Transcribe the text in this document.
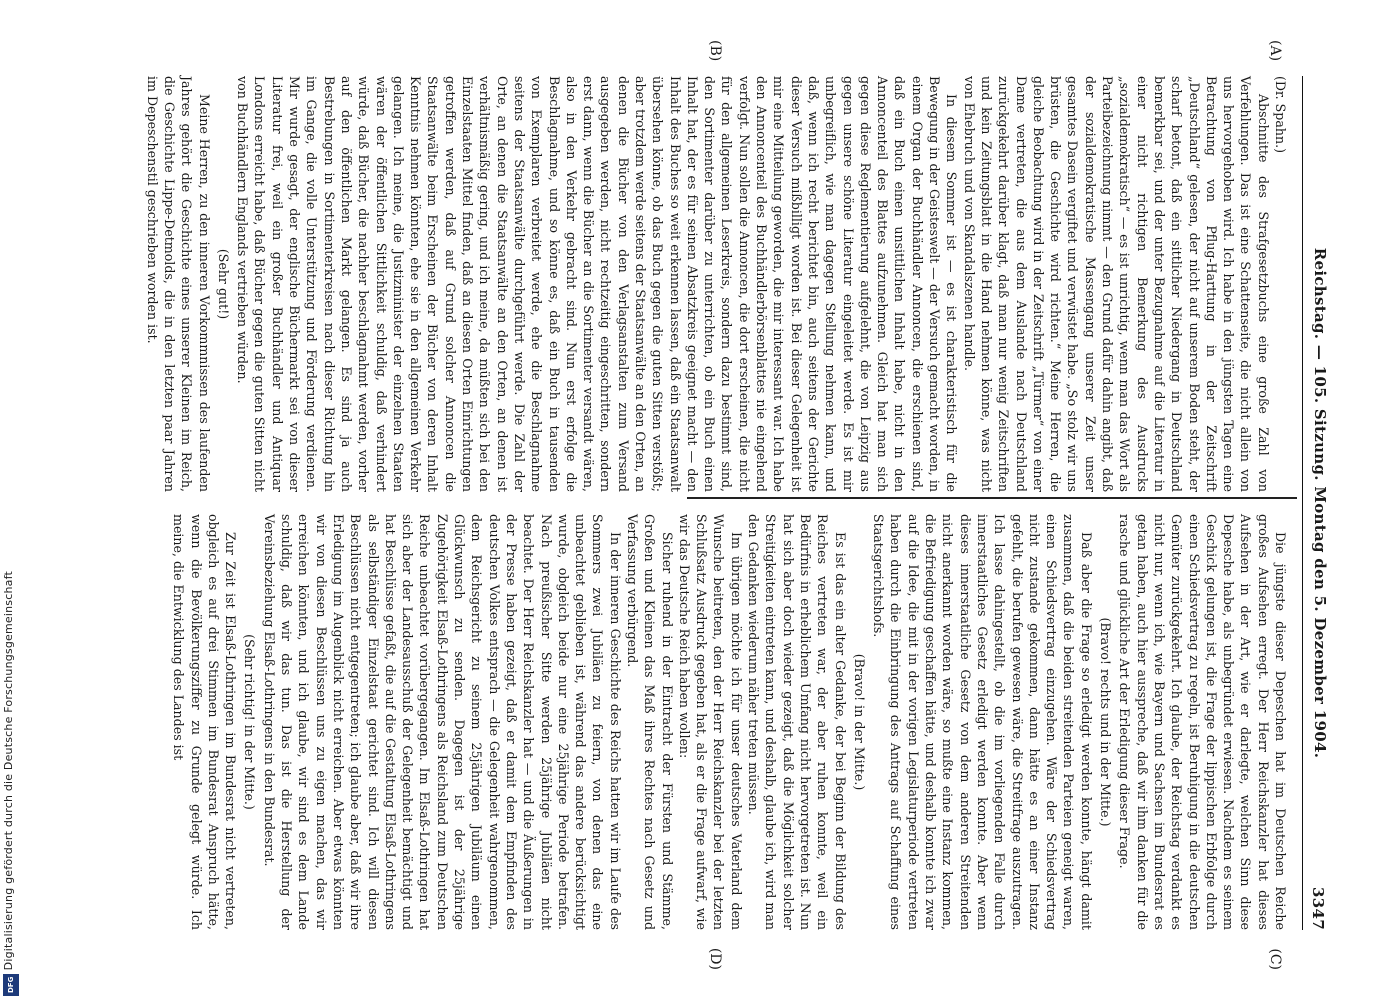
Digitalisierung gefördert durch die Deutsche Forschungsgemeinschaft
DFG
Reichstag. — 105. Sitzung. Montag den 5. Dezember 1904.
3347
(A)
(B)
(C)
(D)

(Dr. Spahn.)

Abschnitte des Strafgesetzbuchs eine große Zahl von Verfehlungen. Das ist eine Schattenseite, die nicht allein von uns hervorgehoben wird. Ich habe in den jüngsten Tagen eine Betrachtung von Pflug-Harttung in der Zeitschrift „Deutschland“ gelesen, der nicht auf unserem Boden steht, der scharf betont, daß ein sittlicher Niedergang in Deutschland bemerkbar sei, und der unter Bezugnahme auf die Literatur in einer nicht richtigen Bemerkung des Ausdrucks „sozialdemokratisch“ — es ist unrichtig, wenn man das Wort als Parteibezeichnung nimmt — den Grund dafür dahin angibt, daß der sozialdemokratische Massengang unserer Zeit unser gesamtes Dasein vergiftet und verwüstet habe. „So stolz wir uns brüsten, die Geschichte wird richten.“ Meine Herren, die gleiche Beobachtung wird in der Zeitschrift „Türmer“ von einer Dame vertreten, die aus dem Auslande nach Deutschland zurückgekehrt darüber klagt, daß man nur wenig Zeitschriften und kein Zeitungsblatt in die Hand nehmen könne, was nicht von Ehebruch und von Skandalszenen handle.

In diesem Sommer ist — es ist charakteristisch für die Bewegung in der Geisteswelt — der Versuch gemacht worden, in einem Organ der Buchhändler Annoncen, die erschienen sind, daß ein Buch einen unsittlichen Inhalt habe, nicht in den Annoncenteil des Blattes aufzunehmen. Gleich hat man sich gegen diese Reglementierung aufgelehnt, die von Leipzig aus gegen unsere schöne Literatur eingeleitet werde. Es ist mir unbegreiflich, wie man dagegen Stellung nehmen kann, und daß, wenn ich recht berichtet bin, auch seitens der Gerichte dieser Versuch mißbilligt worden ist. Bei dieser Gelegenheit ist mir eine Mitteilung geworden, die mir interessant war. Ich habe den Annoncenteil des Buchhändlerbörsenblattes nie eingehend verfolgt. Nun sollen die Annoncen, die dort erscheinen, die nicht für den allgemeinen Leserkreis, sondern dazu bestimmt sind, den Sortimenter darüber zu unterrichten, ob ein Buch einen Inhalt hat, der es für seinen Absatzkreis geeignet macht — den Inhalt des Buches so weit erkennen lassen, daß ein Staatsanwalt übersehen könne, ob das Buch gegen die guten Sitten verstößt; aber trotzdem werde seitens der Staatsanwälte an den Orten, an denen die Bücher von den Verlagsanstalten zum Versand ausgegeben werden, nicht rechtzeitig eingeschritten, sondern erst dann, wenn die Bücher an die Sortimenter versandt wären, also in den Verkehr gebracht sind. Nun erst erfolge die Beschlagnahme, und so könne es, daß ein Buch in tausenden von Exemplaren verbreitet werde, ehe die Beschlagnahme seitens der Staatsanwälte durchgeführt werde. Die Zahl der Orte, an denen die Staatsanwälte an den Orten, an denen ist verhältnismäßig gering, und ich meine, da müßten sich bei den Einzelstaaten Mittel finden, daß an diesen Orten Einrichtungen getroffen werden, daß auf Grund solcher Annoncen die Staatsanwälte beim Erscheinen der Bücher von deren Inhalt Kenntnis nehmen könnten, ehe sie in den allgemeinen Verkehr gelangen. Ich meine, die Justizminister der einzelnen Staaten wären der öffentlichen Sittlichkeit schuldig, daß verhindert würde, daß Bücher, die nachher beschlagnahmt werden, vorher auf den öffentlichen Markt gelangen. Es sind ja auch Bestrebungen in Sortimenterkreisen nach dieser Richtung hin im Gange, die volle Unterstützung und Förderung verdienen. Mir wurde gesagt, der englische Büchermarkt sei von dieser Literatur frei, weil ein großer Buchhändler und Antiquar Londons erreicht habe, daß Bücher gegen die guten Sitten nicht von Buchhändlern Englands vertrieben würden.

(Sehr gut!)

Meine Herren, zu den inneren Vorkommnissen des laufenden Jahres gehört die Geschichte eines unserer Kleinen im Reich, die Geschichte Lippe-Detmolds, die in den letzten paar Jahren im Depeschenstil geschrieben worden ist.

Die jüngste dieser Depeschen hat im Deutschen Reiche großes Aufsehen erregt. Der Herr Reichskanzler hat dieses Aufsehen in der Art, wie er darlegte, welchen Sinn diese Depesche habe, als unbegründet erwiesen. Nachdem es seinem Geschick gelungen ist, die Frage der lippischen Erbfolge durch einen Schiedsvertrag zu regeln, ist Beruhigung in die deutschen Gemüter zurückgekehrt. Ich glaube, der Reichstag verdankt es nicht nur, wenn ich, wie Bayern und Sachsen im Bundesrat es getan haben, auch hier ausspreche, daß wir ihm danken für die rasche und glückliche Art der Erledigung dieser Frage.

(Bravo! rechts und in der Mitte.)

Daß aber die Frage so erledigt werden konnte, hängt damit zusammen, daß die beiden streitenden Parteien geneigt waren, einen Schiedsvertrag einzugehen. Wäre der Schiedsvertrag nicht zustande gekommen, dann hätte es an einer Instanz gefehlt, die berufen gewesen wäre, die Streitfrage auszutragen. Ich lasse dahingestellt, ob die im vorliegenden Falle durch innerstaatliches Gesetz erledigt werden konnte. Aber wenn dieses innerstaatliche Gesetz von dem anderen Streitenden nicht anerkannt worden wäre, so mußte eine Instanz kommen, die Befriedigung geschaffen hätte, und deshalb konnte ich zwar auf die Idee, die mit in der vorigen Legislaturperiode vertreten haben durch die Einbringung des Antrags auf Schaffung eines Staatsgerichtshofs.

(Bravo! in der Mitte.)

Es ist das ein alter Gedanke, der bei Beginn der Bildung des Reiches vertreten war, der aber ruhen konnte, weil ein Bedürfnis in erheblichem Umfang nicht hervorgetreten ist. Nun hat sich aber doch wieder gezeigt, daß die Möglichkeit solcher Streitigkeiten eintreten kann, und deshalb, glaube ich, wird man den Gedanken wiederum näher treten müssen.

Im übrigen möchte ich für unser deutsches Vaterland dem Wunsche beitreten, den der Herr Reichskanzler bei der letzten Schlußsatz Ausdruck gegeben hat, als er die Frage aufwarf, wie wir das Deutsche Reich haben wollen:

Sicher ruhend in der Eintracht der Fürsten und Stämme, Großen und Kleinen das Maß ihres Rechtes nach Gesetz und Verfassung verbürgend.

In der inneren Geschichte des Reichs hatten wir im Laufe des Sommers zwei Jubiläen zu feiern, von denen das eine unbeachtet geblieben ist, während das andere berücksichtigt wurde, obgleich beide nur eine 25jährige Periode betrafen. Nach preußischer Sitte werden 25jährige Jubiläen nicht beachtet. Der Herr Reichskanzler hat — und die Äußerungen in der Presse haben gezeigt, daß er damit dem Empfinden des deutschen Volkes entsprach — die Gelegenheit wahrgenommen, dem Reichsgericht zu seinem 25jährigen Jubiläum einen Glückwunsch zu senden. Dagegen ist der 25jährige Zugehörigkeit Elsaß-Lothringens als Reichsland zum Deutschen Reiche unbeachtet vorübergegangen. Im Elsaß-Lothringen hat sich aber der Landesausschuß der Gelegenheit bemächtigt und hat Beschlüsse gefaßt, die auf die Gestaltung Elsaß-Lothringens als selbständiger Einzelstaat gerichtet sind. Ich will diesen Beschlüssen nicht entgegentreten; ich glaube aber, daß wir ihre Erledigung im Augenblick nicht erreichen. Aber etwas könnten wir von diesen Beschlüssen uns zu eigen machen, das wir erreichen könnten, und ich glaube, wir sind es dem Lande schuldig, daß wir das tun. Das ist die Herstellung der Vereinsbeziehung Elsaß-Lothringens in den Bundesrat.

(Sehr richtig! in der Mitte.)

Zur Zeit ist Elsaß-Lothringen im Bundesrat nicht vertreten, obgleich es auf drei Stimmen im Bundesrat Anspruch hätte, wenn die Bevölkerungsziffer zu Grunde gelegt würde. Ich meine, die Entwicklung des Landes ist
